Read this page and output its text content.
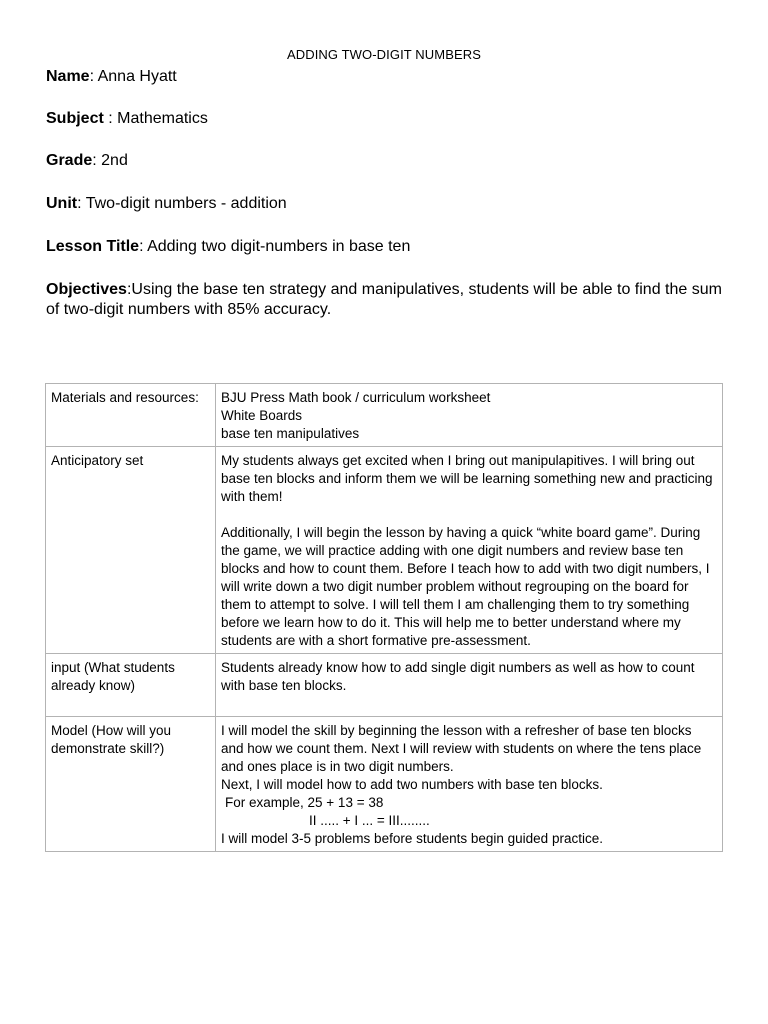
ADDING TWO-DIGIT NUMBERS
Name: Anna Hyatt
Subject : Mathematics
Grade: 2nd
Unit: Two-digit numbers - addition
Lesson Title: Adding two digit-numbers in base ten
Objectives:Using the base ten strategy and manipulatives, students will be able to find the sum of two-digit numbers with 85% accuracy.
Materials and resources:	BJU Press Math book / curriculum worksheet
White Boards
base ten manipulatives

Anticipatory set	My students always get excited when I bring out manipulapitives. I will bring out base ten blocks and inform them we will be learning something new and practicing with them!
Additionally, I will begin the lesson by having a quick “white board game”. During the game, we will practice adding with one digit numbers and review base ten blocks and how to count them. Before I teach how to add with two digit numbers, I will write down a two digit number problem without regrouping on the board for them to attempt to solve. I will tell them I am challenging them to try something before we learn how to do it. This will help me to better understand where my students are with a short formative pre-assessment.

input (What students already know)	Students already know how to add single digit numbers as well as how to count with base ten blocks.

Model (How will you demonstrate skill?)	I will model the skill by beginning the lesson with a refresher of base ten blocks and how we count them. Next I will review with students on where the tens place and ones place is in two digit numbers.
Next, I will model how to add two numbers with base ten blocks.
For example, 25 + 13 = 38
II ..... + I ... = III........
I will model 3-5 problems before students begin guided practice.
